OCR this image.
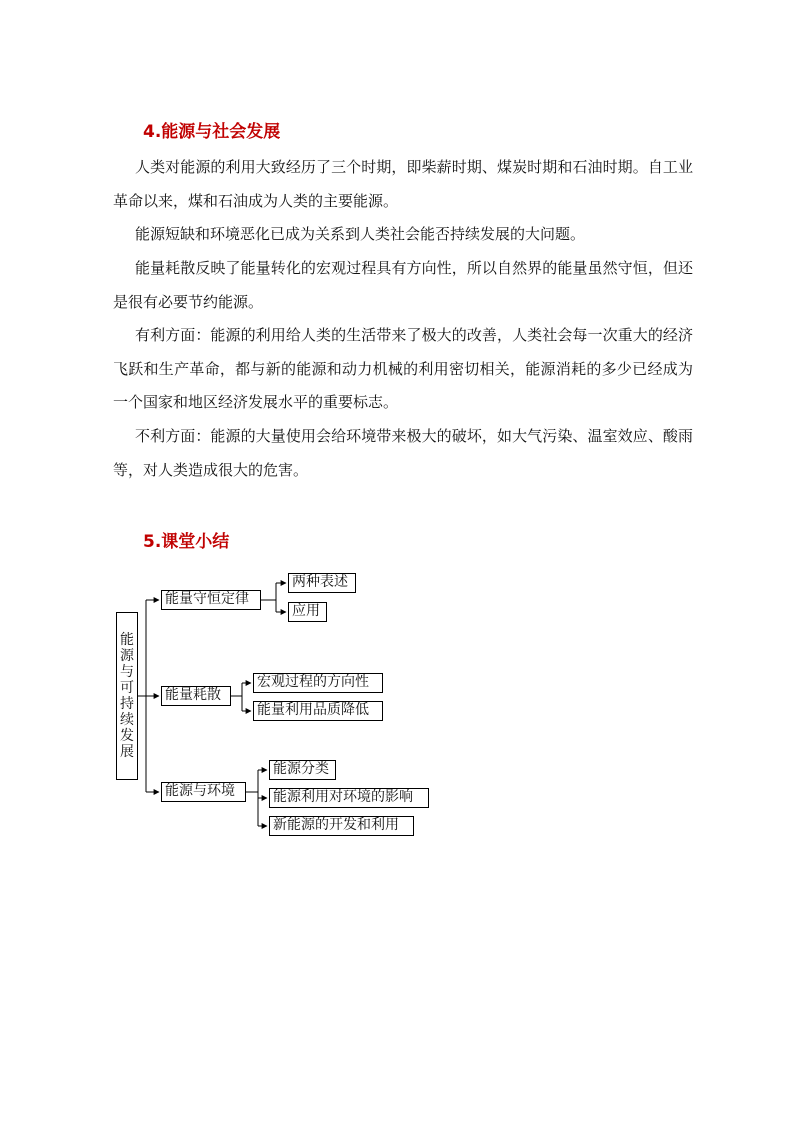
4.能源与社会发展

人类对能源的利用大致经历了三个时期，即柴薪时期、煤炭时期和石油时期。自工业革命以来，煤和石油成为人类的主要能源。

能源短缺和环境恶化已成为关系到人类社会能否持续发展的大问题。

能量耗散反映了能量转化的宏观过程具有方向性，所以自然界的能量虽然守恒，但还是很有必要节约能源。

有利方面：能源的利用给人类的生活带来了极大的改善，人类社会每一次重大的经济飞跃和生产革命，都与新的能源和动力机械的利用密切相关，能源消耗的多少已经成为一个国家和地区经济发展水平的重要标志。

不利方面：能源的大量使用会给环境带来极大的破坏，如大气污染、温室效应、酸雨等，对人类造成很大的危害。

5.课堂小结
能
源
与
可
持
续
发
展
能量守恒定律
两种表述
应用
能量耗散
宏观过程的方向性
能量利用品质降低
能源与环境
能源分类
能源利用对环境的影响
新能源的开发和利用
